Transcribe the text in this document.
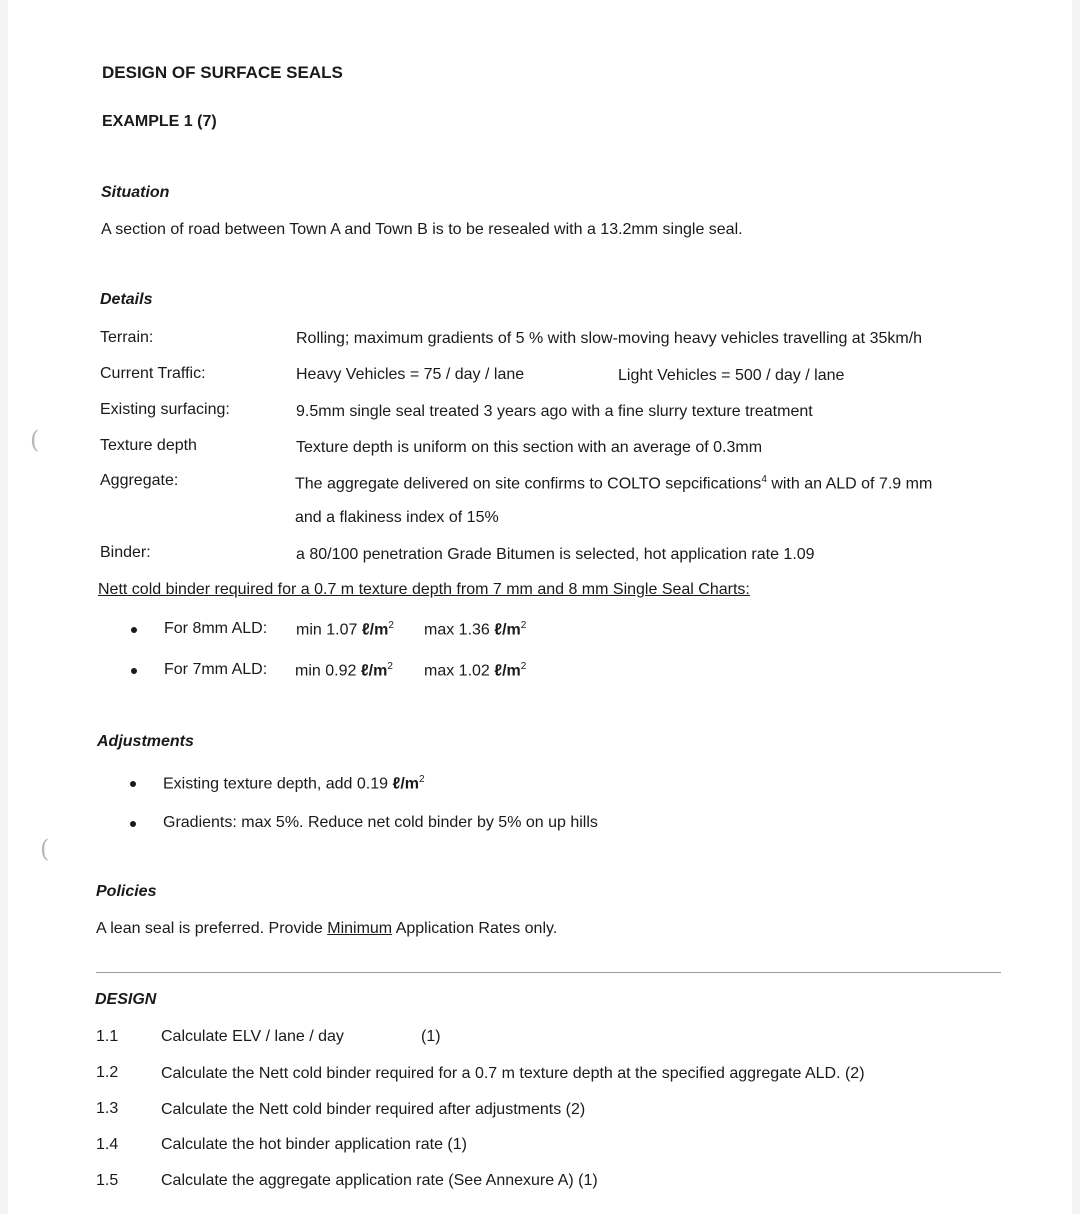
(
(
DESIGN OF SURFACE SEALS
EXAMPLE 1 (7)
Situation
A section of road between Town A and Town B is to be resealed with a 13.2mm single seal.
Details
Terrain:	Rolling; maximum gradients of 5 % with slow-moving heavy vehicles travelling at 35km/h
Current Traffic:	Heavy Vehicles = 75 / day / lane	Light Vehicles = 500 / day / lane
Existing surfacing:	9.5mm single seal treated 3 years ago with a fine slurry texture treatment
Texture depth	Texture depth is uniform on this section with an average of 0.3mm
Aggregate:	The aggregate delivered on site confirms to COLTO sepcifications$^4$ with an ALD of 7.9 mm
and a flakiness index of 15%
Binder:	a 80/100 penetration Grade Bitumen is selected, hot application rate 1.09
Nett cold binder required for a 0.7 m texture depth from 7 mm and 8 mm Single Seal Charts:
For 8mm ALD: min 1.07 $\ell/m^2$ max 1.36 $\ell/m^2$
For 7mm ALD: min 0.92 $\ell/m^2$ max 1.02 $\ell/m^2$
Adjustments
Existing texture depth, add 0.19 $\ell/m^2$
Gradients: max 5%. Reduce net cold binder by 5% on up hills
Policies
A lean seal is preferred. Provide Minimum Application Rates only.
DESIGN
1.1	Calculate ELV / lane / day	(1)
1.2	Calculate the Nett cold binder required for a 0.7 m texture depth at the specified aggregate ALD. (2)
1.3	Calculate the Nett cold binder required after adjustments (2)
1.4	Calculate the hot binder application rate (1)
1.5	Calculate the aggregate application rate (See Annexure A) (1)
